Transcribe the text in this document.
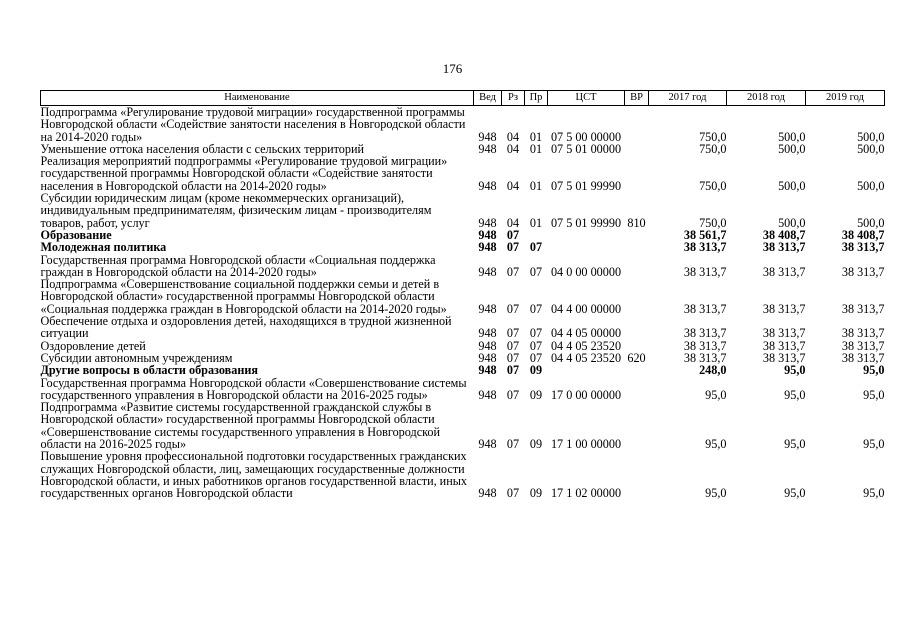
176
Наименование	Вед	Рз	Пр	ЦСТ	ВР	2017 год	2018 год	2019 год
Подпрограмма «Регулирование трудовой миграции» государственной программы Новгородской области «Содействие занятости населения в Новгородской области на 2014-2020 годы»	948	04	01	07 5 00 00000		750,0	500,0	500,0
Уменьшение оттока населения области с сельских территорий	948	04	01	07 5 01 00000		750,0	500,0	500,0
Реализация мероприятий подпрограммы «Регулирование трудовой миграции» государственной программы Новгородской области «Содействие занятости населения в Новгородской области на 2014-2020 годы»	948	04	01	07 5 01 99990		750,0	500,0	500,0
Субсидии юридическим лицам (кроме некоммерческих организаций), индивидуальным предпринимателям, физическим лицам - производителям товаров, работ, услуг	948	04	01	07 5 01 99990	810	750,0	500,0	500,0
Образование	948	07				38 561,7	38 408,7	38 408,7
Молодежная политика	948	07	07			38 313,7	38 313,7	38 313,7
Государственная программа Новгородской области «Социальная поддержка граждан в Новгородской области на 2014-2020 годы»	948	07	07	04 0 00 00000		38 313,7	38 313,7	38 313,7
Подпрограмма «Совершенствование социальной поддержки семьи и детей в Новгородской области» государственной программы Новгородской области «Социальная поддержка граждан в Новгородской области на 2014-2020 годы»	948	07	07	04 4 00 00000		38 313,7	38 313,7	38 313,7
Обеспечение отдыха и оздоровления детей, находящихся в трудной жизненной ситуации	948	07	07	04 4 05 00000		38 313,7	38 313,7	38 313,7
Оздоровление детей	948	07	07	04 4 05 23520		38 313,7	38 313,7	38 313,7
Субсидии автономным учреждениям	948	07	07	04 4 05 23520	620	38 313,7	38 313,7	38 313,7
Другие вопросы в области образования	948	07	09			248,0	95,0	95,0
Государственная программа Новгородской области «Совершенствование системы государственного управления в Новгородской области на 2016-2025 годы»	948	07	09	17 0 00 00000		95,0	95,0	95,0
Подпрограмма «Развитие системы государственной гражданской службы в Новгородской области» государственной программы Новгородской области «Совершенствование системы государственного управления в Новгородской области на 2016-2025 годы»	948	07	09	17 1 00 00000		95,0	95,0	95,0
Повышение уровня профессиональной подготовки государственных гражданских служащих Новгородской области, лиц, замещающих государственные должности Новгородской области, и иных работников органов государственной власти, иных государственных органов Новгородской области	948	07	09	17 1 02 00000		95,0	95,0	95,0
